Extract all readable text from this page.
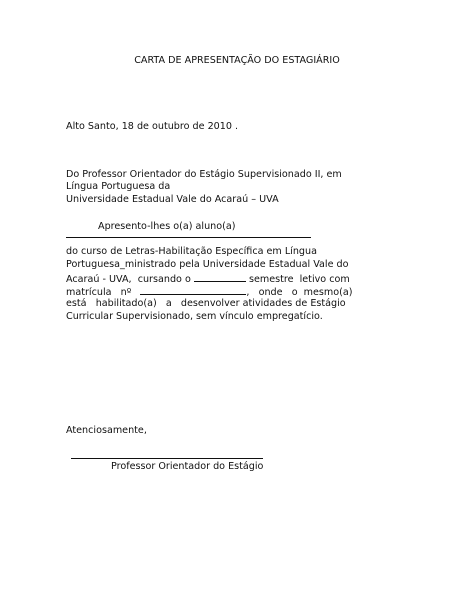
CARTA DE APRESENTAÇÃO DO ESTAGIÁRIO
Alto Santo, 18 de outubro de 2010 .
Do Professor Orientador do Estágio Supervisionado II, em
Língua Portuguesa da
Universidade Estadual Vale do Acaraú – UVA
Apresento-lhes o(a) aluno(a)
do curso de Letras-Habilitação Específica em Língua
Portuguesa_ministrado pela Universidade Estadual Vale do
Acaraú - UVA,  cursando o	semestre  letivo com
matrícula   nº	,   onde   o  mesmo(a)
está   habilitado(a)   a   desenvolver atividades de Estágio
Curricular Supervisionado, sem vínculo empregatício.
Atenciosamente,
Professor Orientador do Estágio
